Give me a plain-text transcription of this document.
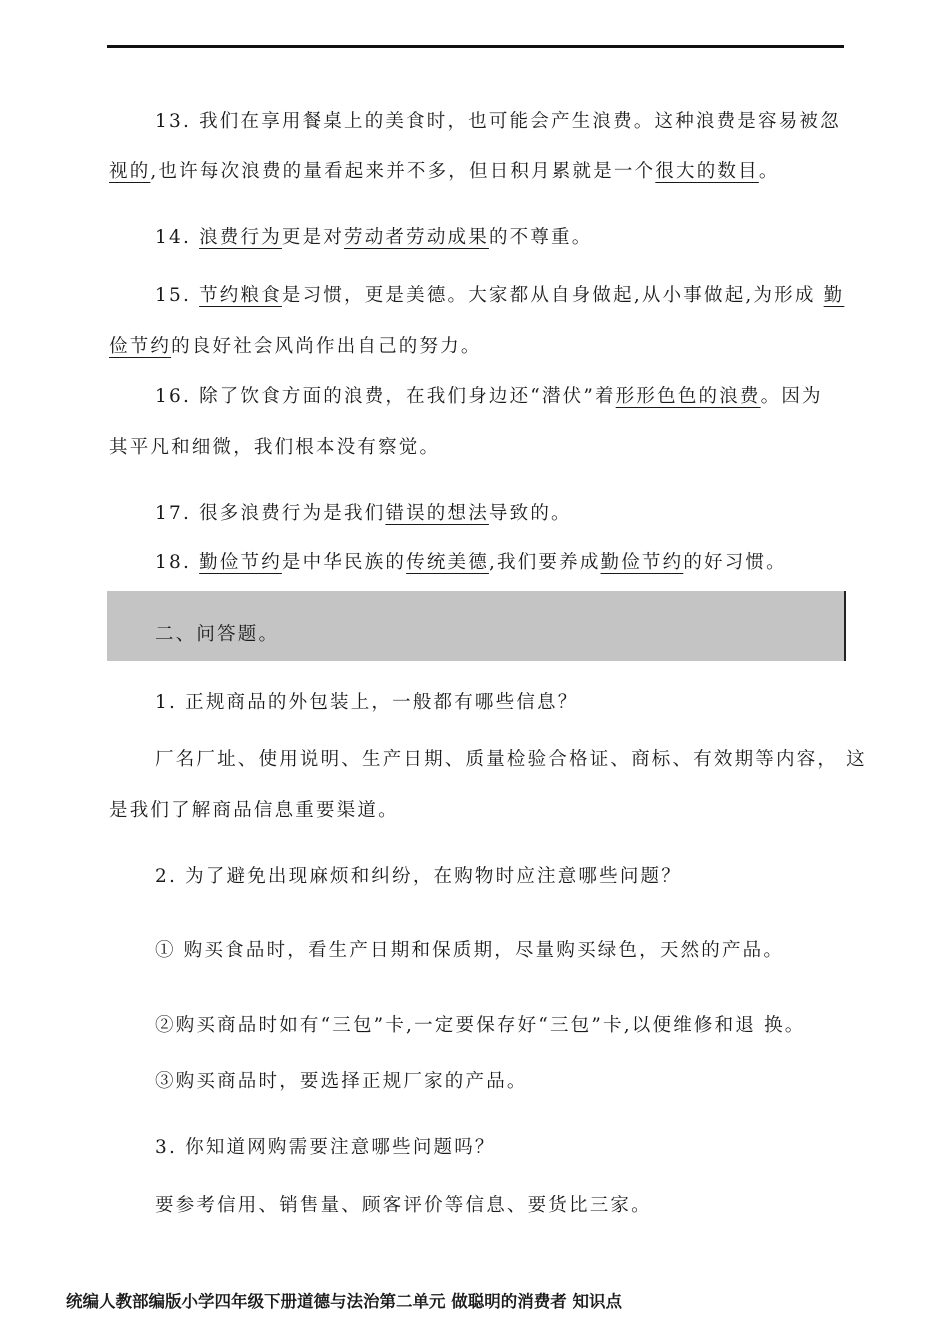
13. 我们在享用餐桌上的美食时，也可能会产生浪费。这种浪费是容易被忽
视的,也许每次浪费的量看起来并不多，但日积月累就是一个很大的数目。
14. 浪费行为更是对劳动者劳动成果的不尊重。
15. 节约粮食是习惯，更是美德。大家都从自身做起,从小事做起,为形成 勤
俭节约的良好社会风尚作出自己的努力。
16. 除了饮食方面的浪费，在我们身边还“潜伏”着形形色色的浪费。因为
其平凡和细微，我们根本没有察觉。
17. 很多浪费行为是我们错误的想法导致的。
18. 勤俭节约是中华民族的传统美德,我们要养成勤俭节约的好习惯。
二、问答题。
1. 正规商品的外包装上，一般都有哪些信息？
厂名厂址、使用说明、生产日期、质量检验合格证、商标、有效期等内容， 这
是我们了解商品信息重要渠道。
2. 为了避免出现麻烦和纠纷，在购物时应注意哪些问题？
① 购买食品时，看生产日期和保质期，尽量购买绿色，天然的产品。
②购买商品时如有“三包”卡,一定要保存好“三包”卡,以便维修和退 换。
③购买商品时，要选择正规厂家的产品。
3. 你知道网购需要注意哪些问题吗？
要参考信用、销售量、顾客评价等信息、要货比三家。
统编人教部编版小学四年级下册道德与法治第二单元 做聪明的消费者 知识点
